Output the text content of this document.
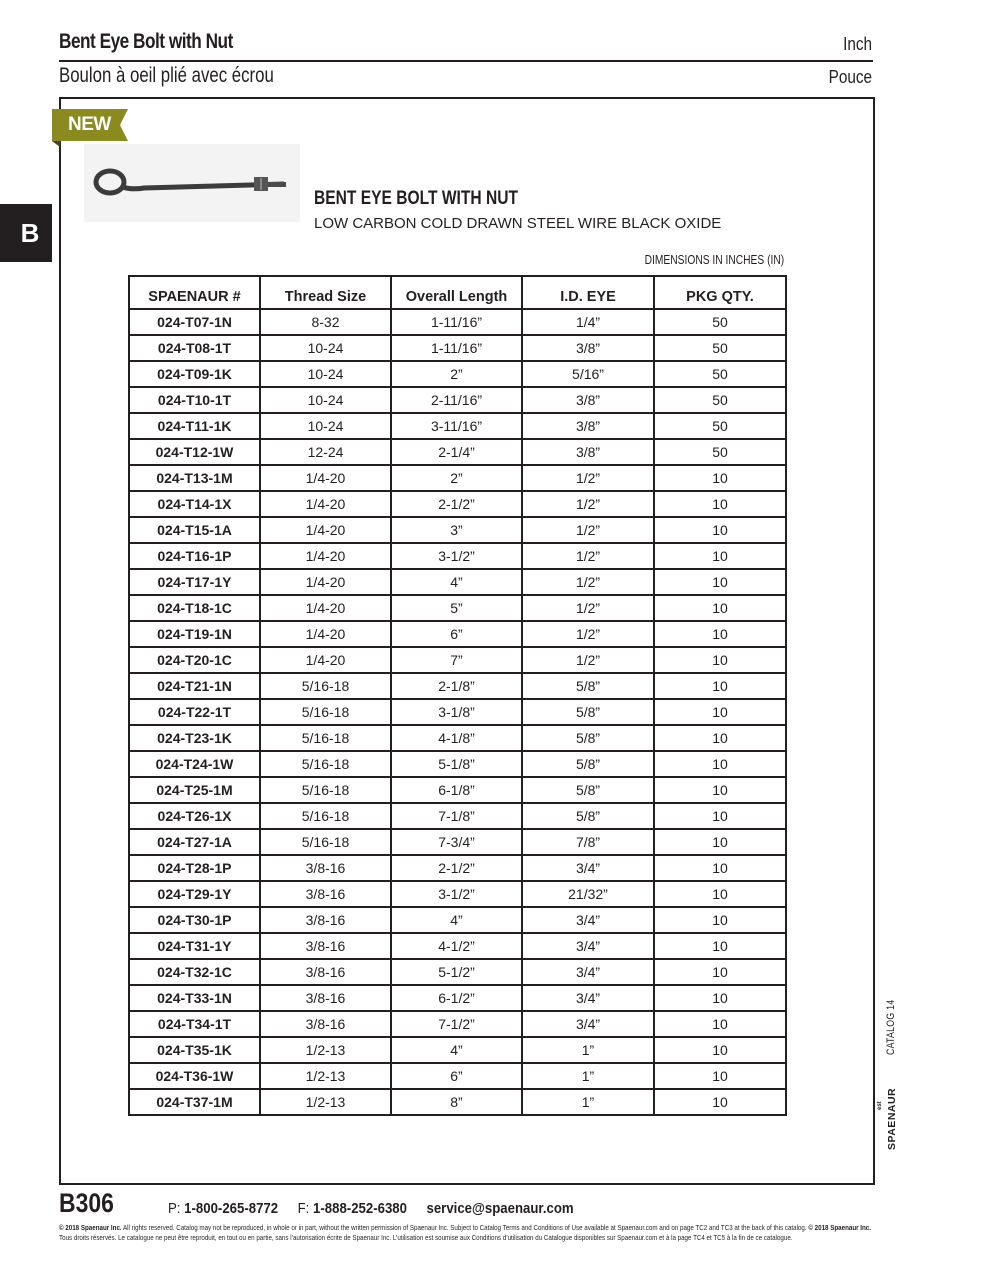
Bent Eye Bolt with Nut	Inch
Boulon à oeil plié avec écrou	Pouce
B
NEW
BENT EYE BOLT WITH NUT
LOW CARBON COLD DRAWN STEEL WIRE BLACK OXIDE
DIMENSIONS IN INCHES (IN)
SPAENAUR #	Thread Size	Overall Length	I.D. EYE	PKG QTY.
024-T07-1N	8-32	1-11/16”	1/4”	50
024-T08-1T	10-24	1-11/16”	3/8”	50
024-T09-1K	10-24	2”	5/16”	50
024-T10-1T	10-24	2-11/16”	3/8”	50
024-T11-1K	10-24	3-11/16”	3/8”	50
024-T12-1W	12-24	2-1/4”	3/8”	50
024-T13-1M	1/4-20	2”	1/2”	10
024-T14-1X	1/4-20	2-1/2”	1/2”	10
024-T15-1A	1/4-20	3”	1/2”	10
024-T16-1P	1/4-20	3-1/2”	1/2”	10
024-T17-1Y	1/4-20	4”	1/2”	10
024-T18-1C	1/4-20	5”	1/2”	10
024-T19-1N	1/4-20	6”	1/2”	10
024-T20-1C	1/4-20	7”	1/2”	10
024-T21-1N	5/16-18	2-1/8”	5/8”	10
024-T22-1T	5/16-18	3-1/8”	5/8”	10
024-T23-1K	5/16-18	4-1/8”	5/8”	10
024-T24-1W	5/16-18	5-1/8”	5/8”	10
024-T25-1M	5/16-18	6-1/8”	5/8”	10
024-T26-1X	5/16-18	7-1/8”	5/8”	10
024-T27-1A	5/16-18	7-3/4”	7/8”	10
024-T28-1P	3/8-16	2-1/2”	3/4”	10
024-T29-1Y	3/8-16	3-1/2”	21/32”	10
024-T30-1P	3/8-16	4”	3/4”	10
024-T31-1Y	3/8-16	4-1/2”	3/4”	10
024-T32-1C	3/8-16	5-1/2”	3/4”	10
024-T33-1N	3/8-16	6-1/2”	3/4”	10
024-T34-1T	3/8-16	7-1/2”	3/4”	10
024-T35-1K	1/2-13	4”	1”	10
024-T36-1W	1/2-13	6”	1”	10
024-T37-1M	1/2-13	8”	1”	10
CATALOG 14
est SPAENAUR
B306	P: 1-800-265-8772 F: 1-888-252-6380 service@spaenaur.com
© 2018 Spaenaur Inc. All rights reserved. Catalog may not be reproduced, in whole or in part, without the written permission of Spaenaur Inc. Subject to Catalog Terms and Conditions of Use available at Spaenaur.com and on page TC2 and TC3 at the back of this catalog. © 2018 Spaenaur Inc. Tous droits réservés. Le catalogue ne peut être reproduit, en tout ou en partie, sans l’autorisation écrite de Spaenaur Inc. L’utilisation est soumise aux Conditions d’utilisation du Catalogue disponibles sur Spaenaur.com et à la page TC4 et TC5 à la fin de ce catalogue.
